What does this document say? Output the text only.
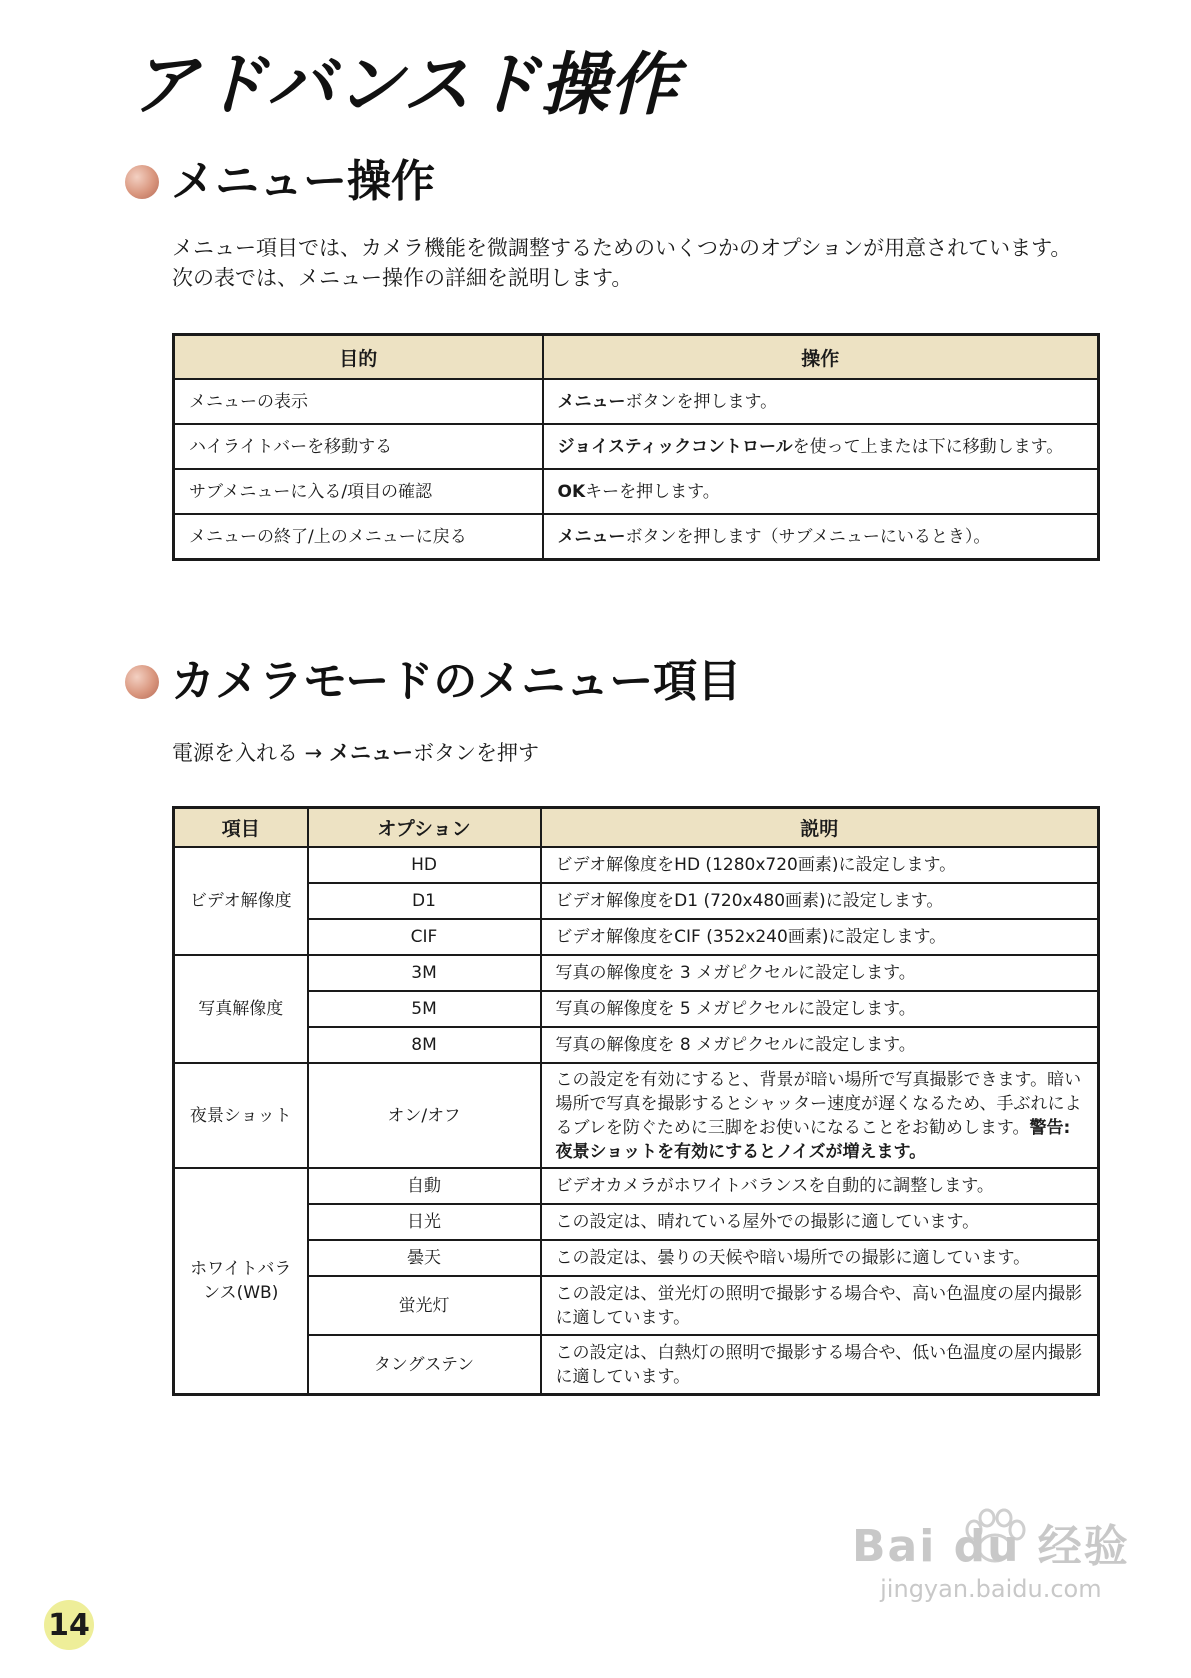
アドバンスド操作
メニュー操作

メニュー項目では、カメラ機能を微調整するためのいくつかのオプションが用意されています。

次の表では、メニュー操作の詳細を説明します。

目的	操作
メニューの表示	メニューボタンを押します。
ハイライトバーを移動する	ジョイスティックコントロールを使って上または下に移動します。
サブメニューに入る/項目の確認	OKキーを押します。
メニューの終了/上のメニューに戻る	メニューボタンを押します（サブメニューにいるとき）。
カメラモードのメニュー項目
電源を入れる → メニューボタンを押す
項目	オプション	説明
ビデオ解像度	HD	ビデオ解像度をHD (1280x720画素)に設定します。
	D1	ビデオ解像度をD1 (720x480画素)に設定します。
	CIF	ビデオ解像度をCIF (352x240画素)に設定します。
写真解像度	3M	写真の解像度を 3 メガピクセルに設定します。
	5M	写真の解像度を 5 メガピクセルに設定します。
	8M	写真の解像度を 8 メガピクセルに設定します。
夜景ショット	オン/オフ	この設定を有効にすると、背景が暗い場所で写真撮影できます。暗い場所で写真を撮影するとシャッター速度が遅くなるため、手ぶれによるブレを防ぐために三脚をお使いになることをお勧めします。警告: 夜景ショットを有効にするとノイズが増えます。
ホワイトバランス(WB)	自動	ビデオカメラがホワイトバランスを自動的に調整します。
	日光	この設定は、晴れている屋外での撮影に適しています。
	曇天	この設定は、曇りの天候や暗い場所での撮影に適しています。
	蛍光灯	この設定は、蛍光灯の照明で撮影する場合や、高い色温度の屋内撮影に適しています。
	タングステン	この設定は、白熱灯の照明で撮影する場合や、低い色温度の屋内撮影に適しています。
14
Bai du 经验
jingyan.baidu.com
